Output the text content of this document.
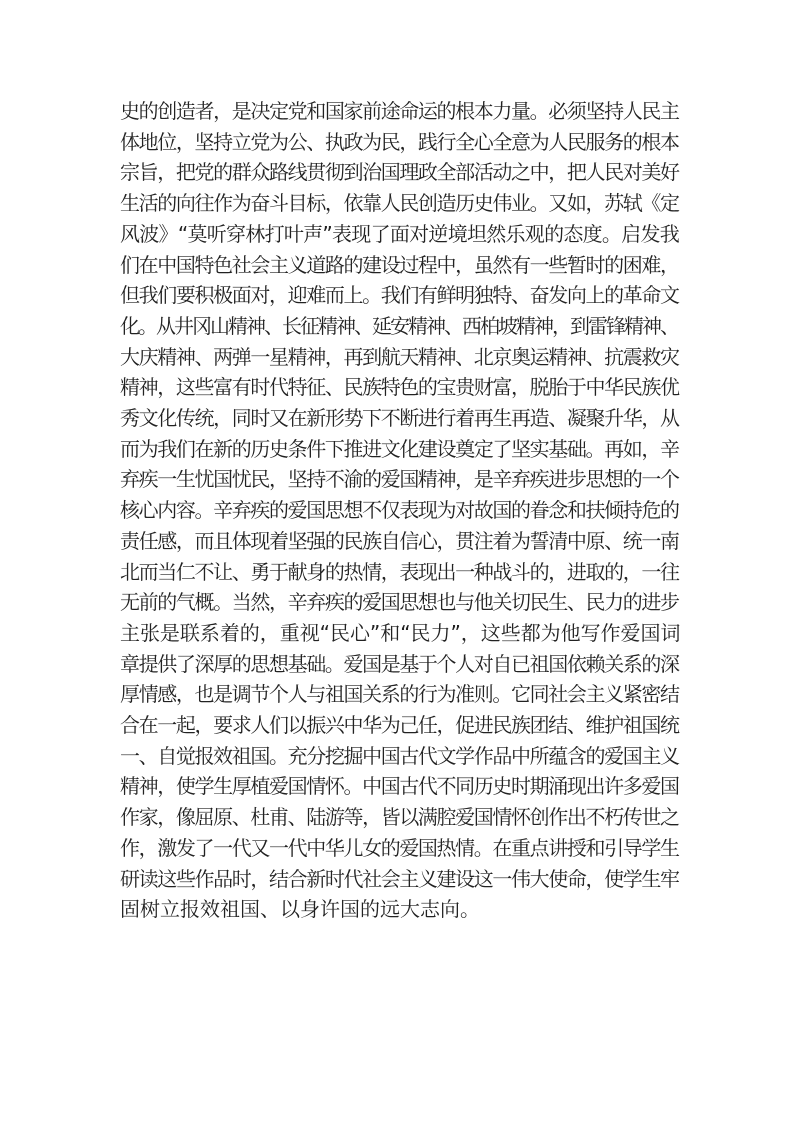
史的创造者，是决定党和国家前途命运的根本力量。必须坚持人民主
体地位，坚持立党为公、执政为民，践行全心全意为人民服务的根本
宗旨，把党的群众路线贯彻到治国理政全部活动之中，把人民对美好
生活的向往作为奋斗目标，依靠人民创造历史伟业。又如，苏轼《定
风波》“莫听穿林打叶声”表现了面对逆境坦然乐观的态度。启发我
们在中国特色社会主义道路的建设过程中，虽然有一些暂时的困难，
但我们要积极面对，迎难而上。我们有鲜明独特、奋发向上的革命文
化。从井冈山精神、长征精神、延安精神、西柏坡精神，到雷锋精神、
大庆精神、两弹一星精神，再到航天精神、北京奥运精神、抗震救灾
精神，这些富有时代特征、民族特色的宝贵财富，脱胎于中华民族优
秀文化传统，同时又在新形势下不断进行着再生再造、凝聚升华，从
而为我们在新的历史条件下推进文化建设奠定了坚实基础。再如，辛
弃疾一生忧国忧民，坚持不渝的爱国精神，是辛弃疾进步思想的一个
核心内容。辛弃疾的爱国思想不仅表现为对故国的眷念和扶倾持危的
责任感，而且体现着坚强的民族自信心，贯注着为誓清中原、统一南
北而当仁不让、勇于献身的热情，表现出一种战斗的，进取的，一往
无前的气概。当然，辛弃疾的爱国思想也与他关切民生、民力的进步
主张是联系着的，重视“民心”和“民力”，这些都为他写作爱国词
章提供了深厚的思想基础。爱国是基于个人对自已祖国依赖关系的深
厚情感，也是调节个人与祖国关系的行为准则。它同社会主义紧密结
合在一起，要求人们以振兴中华为己任，促进民族团结、维护祖国统
一、自觉报效祖国。充分挖掘中国古代文学作品中所蕴含的爱国主义
精神，使学生厚植爱国情怀。中国古代不同历史时期涌现出许多爱国
作家，像屈原、杜甫、陆游等，皆以满腔爱国情怀创作出不朽传世之
作，激发了一代又一代中华儿女的爱国热情。在重点讲授和引导学生
研读这些作品时，结合新时代社会主义建设这一伟大使命，使学生牢
固树立报效祖国、以身许国的远大志向。
